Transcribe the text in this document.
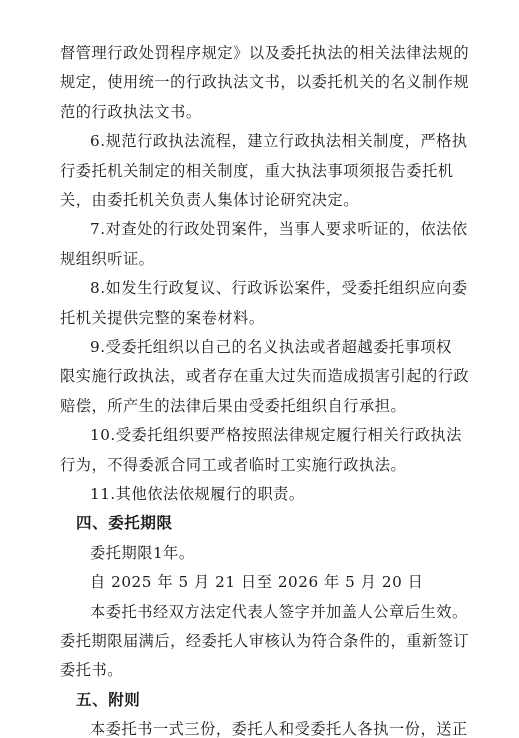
督管理行政处罚程序规定》以及委托执法的相关法律法规的
规定，使用统一的行政执法文书，以委托机关的名义制作规
范的行政执法文书。
6.规范行政执法流程，建立行政执法相关制度，严格执
行委托机关制定的相关制度，重大执法事项须报告委托机
关，由委托机关负责人集体讨论研究决定。
7.对查处的行政处罚案件，当事人要求听证的，依法依
规组织听证。
8.如发生行政复议、行政诉讼案件，受委托组织应向委
托机关提供完整的案卷材料。
9.受委托组织以自己的名义执法或者超越委托事项权
限实施行政执法，或者存在重大过失而造成损害引起的行政
赔偿，所产生的法律后果由受委托组织自行承担。
10.受委托组织要严格按照法律规定履行相关行政执法
行为，不得委派合同工或者临时工实施行政执法。
11.其他依法依规履行的职责。
四、委托期限
委托期限1年。
自 2025 年 5 月 21 日至 2026 年 5 月 20 日
本委托书经双方法定代表人签字并加盖人公章后生效。
委托期限届满后，经委托人审核认为符合条件的，重新签订
委托书。
五、附则
本委托书一式三份，委托人和受委托人各执一份，送正
